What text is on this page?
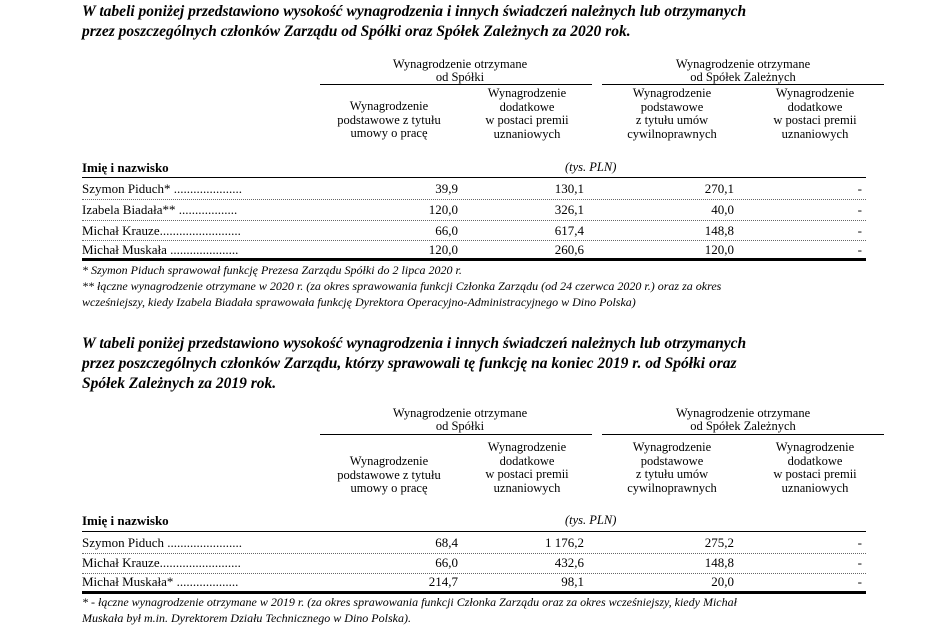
W tabeli poniżej przedstawiono wysokość wynagrodzenia i innych świadczeń należnych lub otrzymanych
przez poszczególnych członków Zarządu od Spółki oraz Spółek Zależnych za 2020 rok.
Wynagrodzenie otrzymane
od Spółki
Wynagrodzenie otrzymane
od Spółek Zależnych
Wynagrodzenie
podstawowe z tytułu
umowy o pracę
Wynagrodzenie
dodatkowe
w postaci premii
uznaniowych
Wynagrodzenie
podstawowe
z tytułu umów
cywilnoprawnych
Wynagrodzenie
dodatkowe
w postaci premii
uznaniowych
Imię i nazwisko	(tys. PLN)
Szymon Piduch* .....................	39,9	130,1	270,1	-
Izabela Biadała** ..................	120,0	326,1	40,0	-
Michał Krauze.........................	66,0	617,4	148,8	-
Michał Muskała .....................	120,0	260,6	120,0	-
* Szymon Piduch sprawował funkcję Prezesa Zarządu Spółki do 2 lipca 2020 r.
** łączne wynagrodzenie otrzymane w 2020 r. (za okres sprawowania funkcji Członka Zarządu (od 24 czerwca 2020 r.) oraz za okres
wcześniejszy, kiedy Izabela Biadała sprawowała funkcję Dyrektora Operacyjno-Administracyjnego w Dino Polska)
W tabeli poniżej przedstawiono wysokość wynagrodzenia i innych świadczeń należnych lub otrzymanych
przez poszczególnych członków Zarządu, którzy sprawowali tę funkcję na koniec 2019 r. od Spółki oraz
Spółek Zależnych za 2019 rok.
Wynagrodzenie otrzymane
od Spółki
Wynagrodzenie otrzymane
od Spółek Zależnych
Wynagrodzenie
podstawowe z tytułu
umowy o pracę
Wynagrodzenie
dodatkowe
w postaci premii
uznaniowych
Wynagrodzenie
podstawowe
z tytułu umów
cywilnoprawnych
Wynagrodzenie
dodatkowe
w postaci premii
uznaniowych
Imię i nazwisko	(tys. PLN)
Szymon Piduch .......................	68,4	1 176,2	275,2	-
Michał Krauze.........................	66,0	432,6	148,8	-
Michał Muskała* ...................	214,7	98,1	20,0	-
* - łączne wynagrodzenie otrzymane w 2019 r. (za okres sprawowania funkcji Członka Zarządu oraz za okres wcześniejszy, kiedy Michał
Muskała był m.in. Dyrektorem Działu Technicznego w Dino Polska).
